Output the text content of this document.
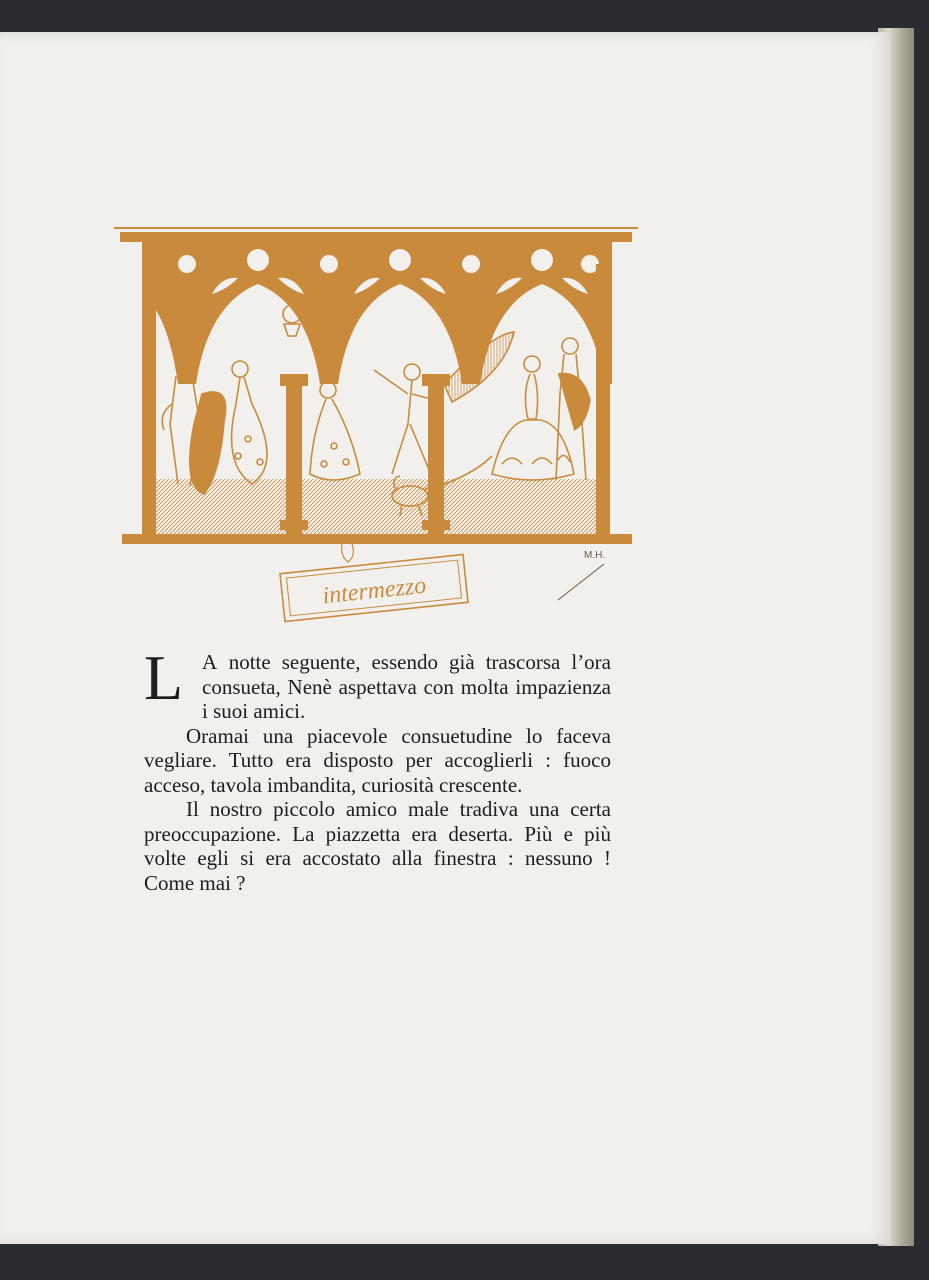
intermezzo
M.H.

L A notte seguente, essendo già trascorsa l’ora consueta, Nenè aspettava con molta impazienza i suoi amici.

Oramai una piacevole consuetudine lo faceva vegliare. Tutto era disposto per accoglierli : fuoco acceso, tavola imbandita, curiosità crescente.

Il nostro piccolo amico male tradiva una certa preoccupazione. La piazzetta era deserta. Più e più volte egli si era accostato alla finestra : nessuno ! Come mai ?
